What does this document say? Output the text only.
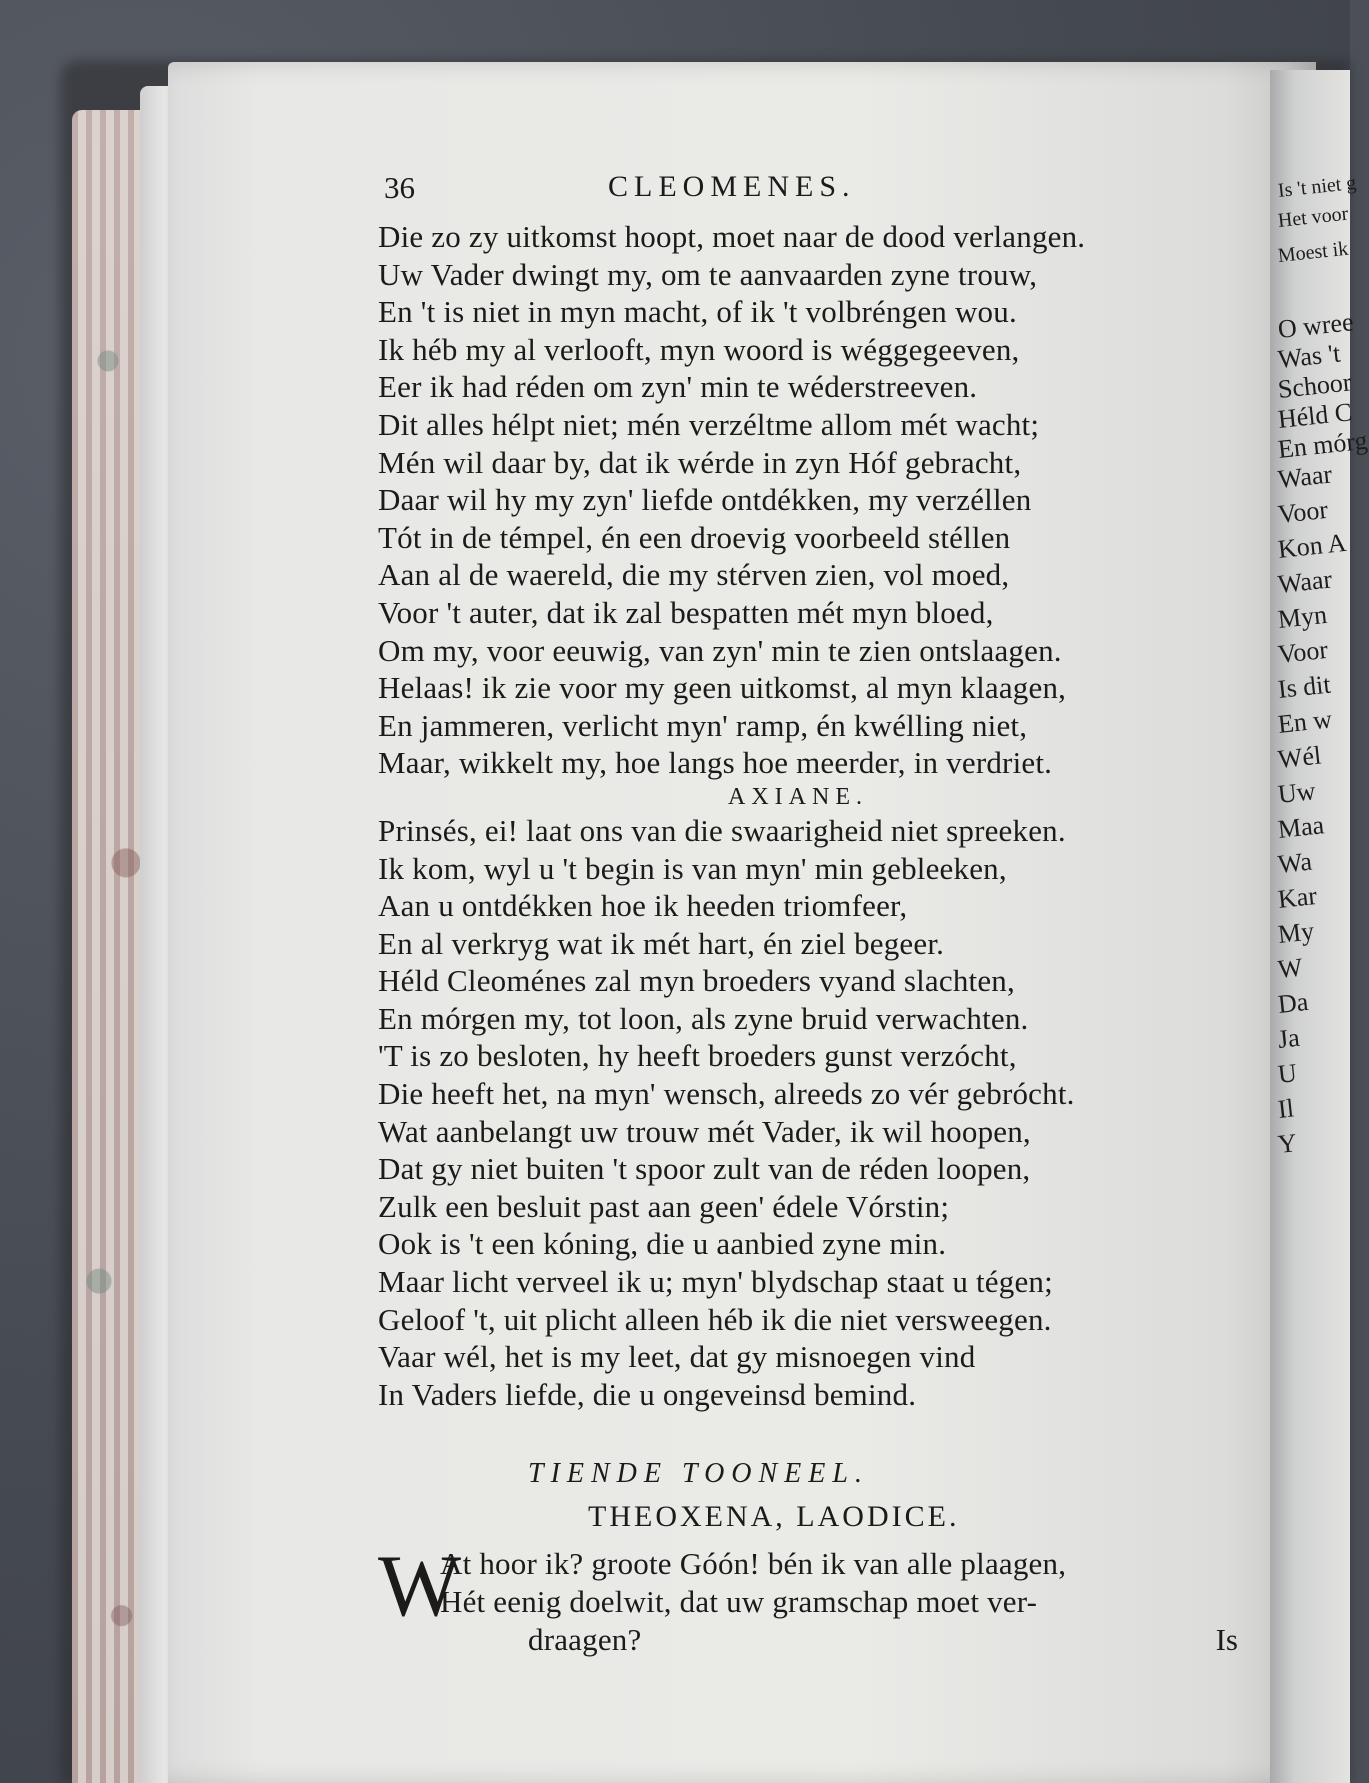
Is 't niet g
Het voor
Moest ik
O wree
Was 't
Schoor
Héld C
En mórg
Waar
Voor
Kon A
Waar
Myn
Voor
Is dit
En w
Wél
Uw
Maa
Wa
Kar
My
W
Da
Ja
U
Il
Y
36	CLEOMENES.
Die zo zy uitkomst hoopt, moet naar de dood verlangen.
Uw Vader dwingt my, om te aanvaarden zyne trouw,
En 't is niet in myn macht, of ik 't volbréngen wou.
Ik héb my al verlooft, myn woord is wéggegeeven,
Eer ik had réden om zyn' min te wéderstreeven.
Dit alles hélpt niet; mén verzéltme allom mét wacht;
Mén wil daar by, dat ik wérde in zyn Hóf gebracht,
Daar wil hy my zyn' liefde ontdékken, my verzéllen
Tót in de témpel, én een droevig voorbeeld stéllen
Aan al de waereld, die my stérven zien, vol moed,
Voor 't auter, dat ik zal bespatten mét myn bloed,
Om my, voor eeuwig, van zyn' min te zien ontslaagen.
Helaas! ik zie voor my geen uitkomst, al myn klaagen,
En jammeren, verlicht myn' ramp, én kwélling niet,
Maar, wikkelt my, hoe langs hoe meerder, in verdriet.
AXIANE.
Prinsés, ei! laat ons van die swaarigheid niet spreeken.
Ik kom, wyl u 't begin is van myn' min gebleeken,
Aan u ontdékken hoe ik heeden triomfeer,
En al verkryg wat ik mét hart, én ziel begeer.
Héld Cleoménes zal myn broeders vyand slachten,
En mórgen my, tot loon, als zyne bruid verwachten.
'T is zo besloten, hy heeft broeders gunst verzócht,
Die heeft het, na myn' wensch, alreeds zo vér gebrócht.
Wat aanbelangt uw trouw mét Vader, ik wil hoopen,
Dat gy niet buiten 't spoor zult van de réden loopen,
Zulk een besluit past aan geen' édele Vórstin;
Ook is 't een kóning, die u aanbied zyne min.
Maar licht verveel ik u; myn' blydschap staat u tégen;
Geloof 't, uit plicht alleen héb ik die niet versweegen.
Vaar wél, het is my leet, dat gy misnoegen vind
In Vaders liefde, die u ongeveinsd bemind.
TIENDE TOONEEL.
THEOXENA, LAODICE.
W
At hoor ik? groote Góón! bén ik van alle plaagen,
Hét eenig doelwit, dat uw gramschap moet ver-
draagen?	Is
